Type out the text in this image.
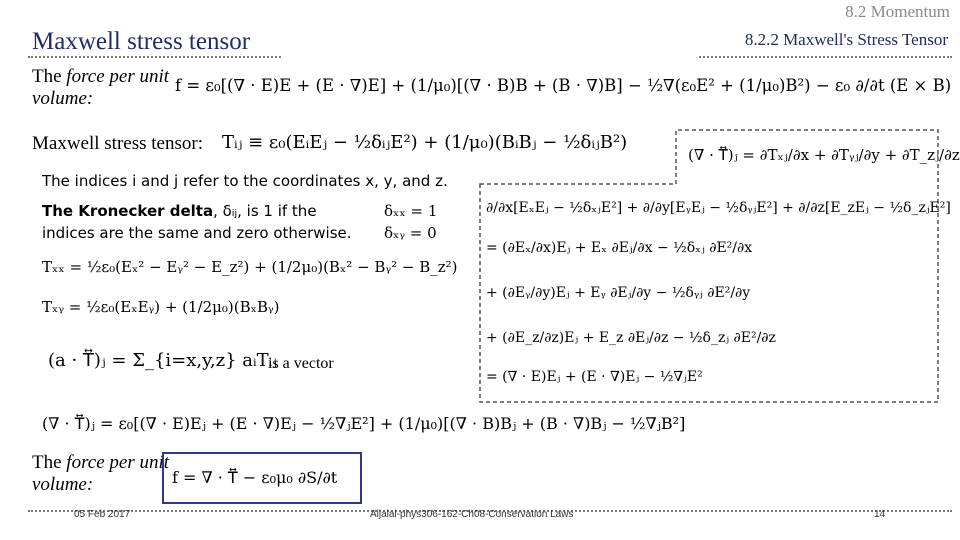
8.2 Momentum
Maxwell stress tensor	8.2.2 Maxwell's Stress Tensor
The force per unit volume:
f = ε₀[(∇ · E)E + (E · ∇)E] + (1/μ₀)[(∇ · B)B + (B · ∇)B] − ½∇(ε₀E² + (1/μ₀)B²) − ε₀ ∂/∂t (E × B)
Maxwell stress tensor: Tᵢⱼ ≡ ε₀(EᵢEⱼ − ½δᵢⱼE²) + (1/μ₀)(BᵢBⱼ − ½δᵢⱼB²)
(∇ · T⃡)ⱼ = ∂Tₓⱼ/∂x + ∂Tᵧⱼ/∂y + ∂T_zⱼ/∂z
The indices i and j refer to the coordinates x, y, and z.
The Kronecker delta, δᵢⱼ, is 1 if the indices are the same and zero otherwise.
δₓₓ = 1
δₓᵧ = 0
Tₓₓ = ½ε₀(Eₓ² − Eᵧ² − E_z²) + (1/2μ₀)(Bₓ² − Bᵧ² − B_z²)
Tₓᵧ = ½ε₀(EₓEᵧ) + (1/2μ₀)(BₓBᵧ)
(a · T⃡)ⱼ = Σ_{i=x,y,z} aᵢTᵢⱼ
is a vector
∂/∂x[EₓEⱼ − ½δₓⱼE²] + ∂/∂y[EᵧEⱼ − ½δᵧⱼE²] + ∂/∂z[E_zEⱼ − ½δ_zⱼE²]
= (∂Eₓ/∂x)Eⱼ + Eₓ ∂Eⱼ/∂x − ½δₓⱼ ∂E²/∂x
+ (∂Eᵧ/∂y)Eⱼ + Eᵧ ∂Eⱼ/∂y − ½δᵧⱼ ∂E²/∂y
+ (∂E_z/∂z)Eⱼ + E_z ∂Eⱼ/∂z − ½δ_zⱼ ∂E²/∂z
= (∇ · E)Eⱼ + (E · ∇)Eⱼ − ½∇ⱼE²
(∇ · T⃡)ⱼ = ε₀[(∇ · E)Eⱼ + (E · ∇)Eⱼ − ½∇ⱼE²] + (1/μ₀)[(∇ · B)Bⱼ + (B · ∇)Bⱼ − ½∇ⱼB²]
The force per unit volume:	f = ∇ · T⃡ − ε₀μ₀ ∂S/∂t
05 Feb 2017	Aljalal-phys306-162-Ch08-Conservation Laws	14
